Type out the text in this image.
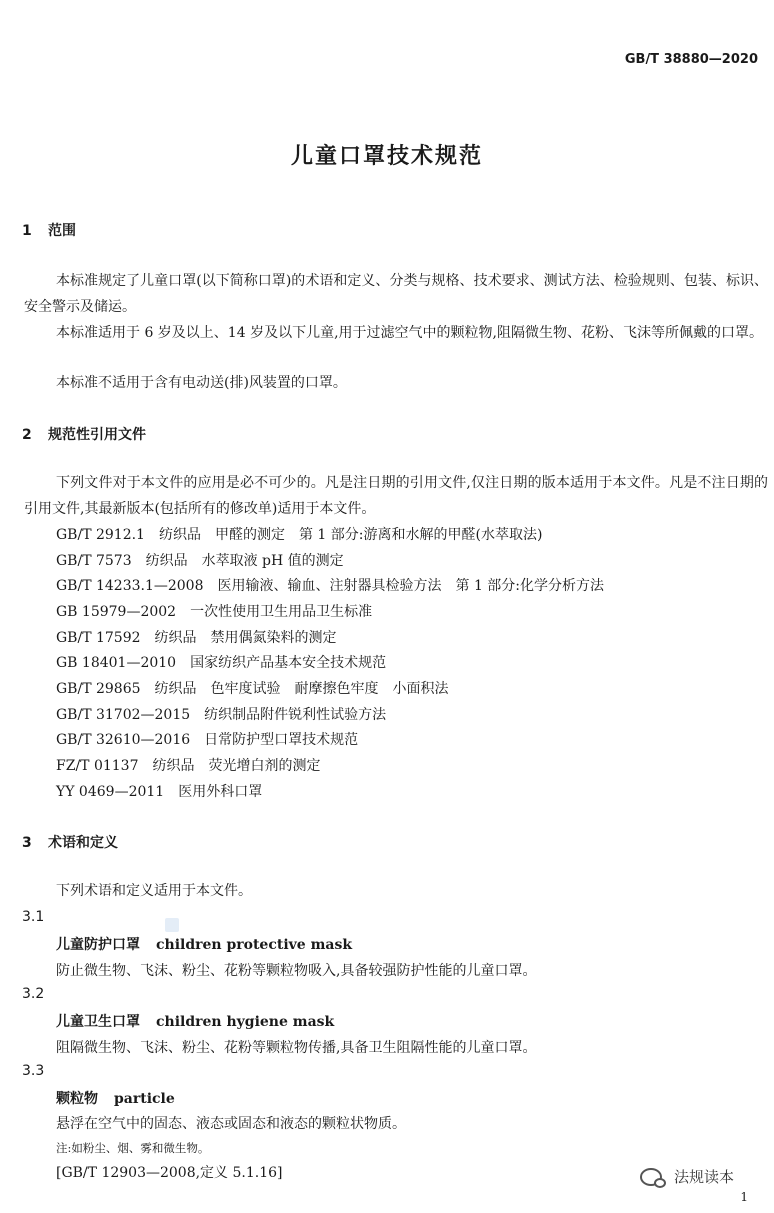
GB/T 38880—2020
儿童口罩技术规范
1 范围
本标准规定了儿童口罩(以下简称口罩)的术语和定义、分类与规格、技术要求、测试方法、检验规则、包装、标识、安全警示及储运。
本标准适用于 6 岁及以上、14 岁及以下儿童,用于过滤空气中的颗粒物,阻隔微生物、花粉、飞沫等所佩戴的口罩。
本标准不适用于含有电动送(排)风装置的口罩。
2 规范性引用文件
下列文件对于本文件的应用是必不可少的。凡是注日期的引用文件,仅注日期的版本适用于本文件。凡是不注日期的引用文件,其最新版本(包括所有的修改单)适用于本文件。
GB/T 2912.1　纺织品　甲醛的测定　第 1 部分:游离和水解的甲醛(水萃取法)
GB/T 7573　纺织品　水萃取液 pH 值的测定
GB/T 14233.1—2008　医用输液、输血、注射器具检验方法　第 1 部分:化学分析方法
GB 15979—2002　一次性使用卫生用品卫生标准
GB/T 17592　纺织品　禁用偶氮染料的测定
GB 18401—2010　国家纺织产品基本安全技术规范
GB/T 29865　纺织品　色牢度试验　耐摩擦色牢度　小面积法
GB/T 31702—2015　纺织制品附件锐利性试验方法
GB/T 32610—2016　日常防护型口罩技术规范
FZ/T 01137　纺织品　荧光增白剂的测定
YY 0469—2011　医用外科口罩
3 术语和定义
下列术语和定义适用于本文件。
3.1
儿童防护口罩 children protective mask
防止微生物、飞沫、粉尘、花粉等颗粒物吸入,具备较强防护性能的儿童口罩。
3.2
儿童卫生口罩 children hygiene mask
阻隔微生物、飞沫、粉尘、花粉等颗粒物传播,具备卫生阻隔性能的儿童口罩。
3.3
颗粒物 particle
悬浮在空气中的固态、液态或固态和液态的颗粒状物质。
注:如粉尘、烟、雾和微生物。
[GB/T 12903—2008,定义 5.1.16]	法规读本
1
